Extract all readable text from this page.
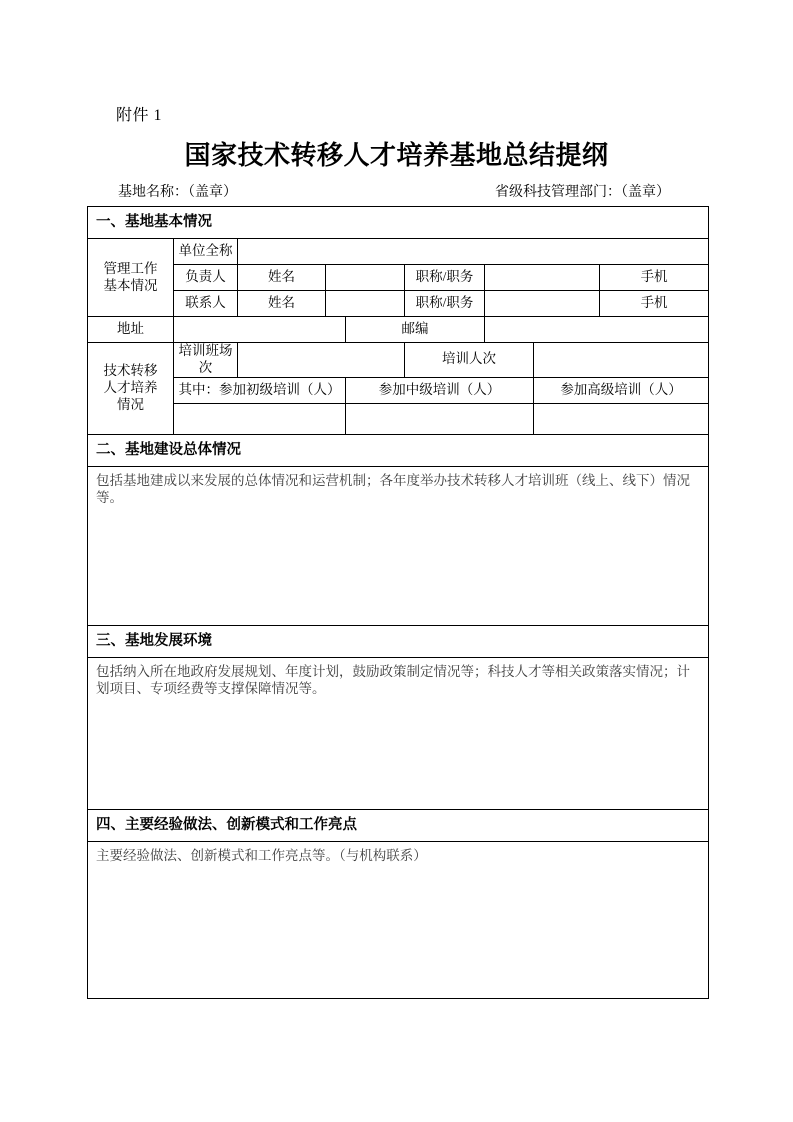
附件 1
国家技术转移人才培养基地总结提纲
基地名称：（盖章）	省级科技管理部门：（盖章）
一、基地基本情况									

管理工作
基本情况	单位全称								
	负责人	姓名			职称/职务			手机	
	联系人	姓名			职称/职务			手机	
地址				邮编					

技术转移
人才培养
情况	培训班场次				培训人次				
	其中：参加初级培训（人）			参加中级培训（人）			参加高级培训（人）		

二、基地建设总体情况									
包括基地建成以来发展的总体情况和运营机制；各年度举办技术转移人才培训班（线上、线下）情况等。									
三、基地发展环境									
包括纳入所在地政府发展规划、年度计划，鼓励政策制定情况等；科技人才等相关政策落实情况；计划项目、专项经费等支撑保障情况等。									
四、主要经验做法、创新模式和工作亮点									
主要经验做法、创新模式和工作亮点等。（与机构联系）									
